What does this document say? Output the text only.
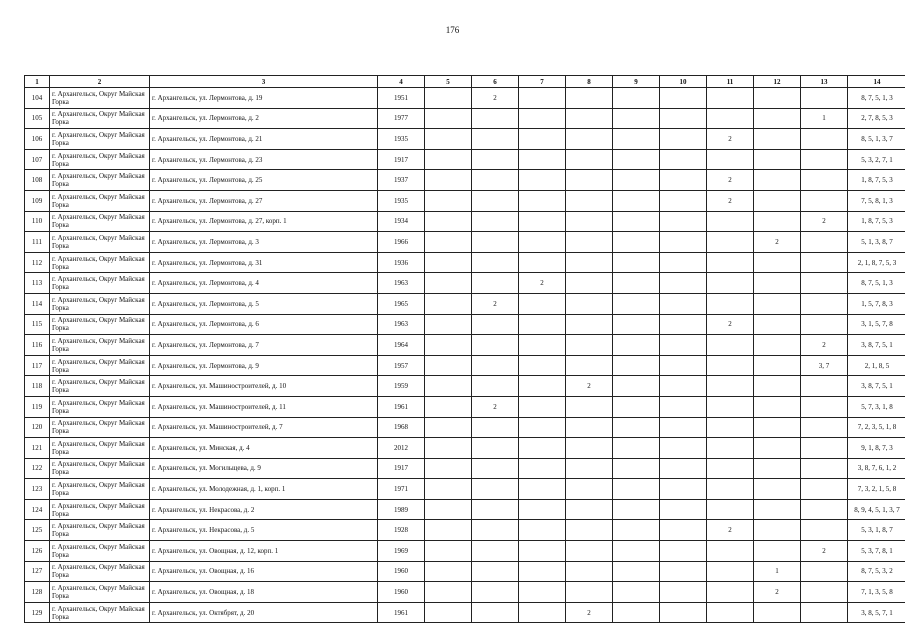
176
1	2	3	4	5	6	7	8	9	10	11	12	13	14
104	г. Архангельск, Округ Майская Горка	г. Архангельск, ул. Лермонтова, д. 19	1951		2								8, 7, 5, 1, 3
105	г. Архангельск, Округ Майская Горка	г. Архангельск, ул. Лермонтова, д. 2	1977									1	2, 7, 8, 5, 3
106	г. Архангельск, Округ Майская Горка	г. Архангельск, ул. Лермонтова, д. 21	1935							2			8, 5, 1, 3, 7
107	г. Архангельск, Округ Майская Горка	г. Архангельск, ул. Лермонтова, д. 23	1917										5, 3, 2, 7, 1
108	г. Архангельск, Округ Майская Горка	г. Архангельск, ул. Лермонтова, д. 25	1937							2			1, 8, 7, 5, 3
109	г. Архангельск, Округ Майская Горка	г. Архангельск, ул. Лермонтова, д. 27	1935							2			7, 5, 8, 1, 3
110	г. Архангельск, Округ Майская Горка	г. Архангельск, ул. Лермонтова, д. 27, корп. 1	1934									2	1, 8, 7, 5, 3
111	г. Архангельск, Округ Майская Горка	г. Архангельск, ул. Лермонтова, д. 3	1966								2		5, 1, 3, 8, 7
112	г. Архангельск, Округ Майская Горка	г. Архангельск, ул. Лермонтова, д. 31	1936										2, 1, 8, 7, 5, 3
113	г. Архангельск, Округ Майская Горка	г. Архангельск, ул. Лермонтова, д. 4	1963			2							8, 7, 5, 1, 3
114	г. Архангельск, Округ Майская Горка	г. Архангельск, ул. Лермонтова, д. 5	1965		2								1, 5, 7, 8, 3
115	г. Архангельск, Округ Майская Горка	г. Архангельск, ул. Лермонтова, д. 6	1963							2			3, 1, 5, 7, 8
116	г. Архангельск, Округ Майская Горка	г. Архангельск, ул. Лермонтова, д. 7	1964									2	3, 8, 7, 5, 1
117	г. Архангельск, Округ Майская Горка	г. Архангельск, ул. Лермонтова, д. 9	1957									3, 7	2, 1, 8, 5
118	г. Архангельск, Округ Майская Горка	г. Архангельск, ул. Машиностроителей, д. 10	1959				2						3, 8, 7, 5, 1
119	г. Архангельск, Округ Майская Горка	г. Архангельск, ул. Машиностроителей, д. 11	1961		2								5, 7, 3, 1, 8
120	г. Архангельск, Округ Майская Горка	г. Архангельск, ул. Машиностроителей, д. 7	1968										7, 2, 3, 5, 1, 8
121	г. Архангельск, Округ Майская Горка	г. Архангельск, ул. Минская, д. 4	2012										9, 1, 8, 7, 3
122	г. Архангельск, Округ Майская Горка	г. Архангельск, ул. Могильщева, д. 9	1917										3, 8, 7, 6, 1, 2
123	г. Архангельск, Округ Майская Горка	г. Архангельск, ул. Молодежная, д. 1, корп. 1	1971										7, 3, 2, 1, 5, 8
124	г. Архангельск, Округ Майская Горка	г. Архангельск, ул. Некрасова, д. 2	1989										8, 9, 4, 5, 1, 3, 7
125	г. Архангельск, Округ Майская Горка	г. Архангельск, ул. Некрасова, д. 5	1928							2			5, 3, 1, 8, 7
126	г. Архангельск, Округ Майская Горка	г. Архангельск, ул. Овощная, д. 12, корп. 1	1969									2	5, 3, 7, 8, 1
127	г. Архангельск, Округ Майская Горка	г. Архангельск, ул. Овощная, д. 16	1960								1		8, 7, 5, 3, 2
128	г. Архангельск, Округ Майская Горка	г. Архангельск, ул. Овощная, д. 18	1960								2		7, 1, 3, 5, 8
129	г. Архангельск, Округ Майская Горка	г. Архангельск, ул. Октябрят, д. 20	1961				2						3, 8, 5, 7, 1
